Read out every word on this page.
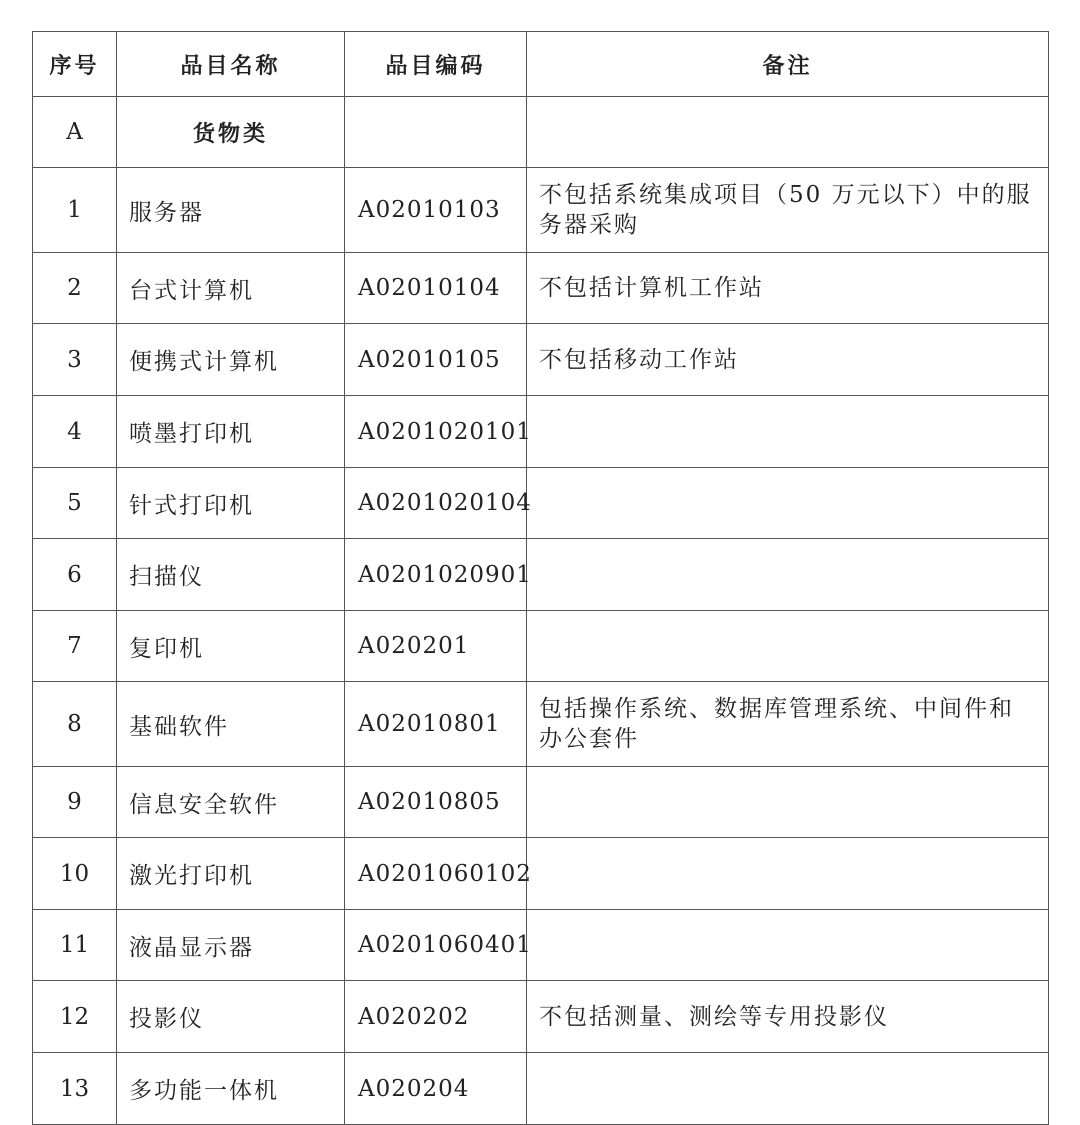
序号	品目名称	品目编码	备注
A	货物类		
1	服务器	A02010103	不包括系统集成项目（50 万元以下）中的服务器采购
2	台式计算机	A02010104	不包括计算机工作站
3	便携式计算机	A02010105	不包括移动工作站
4	喷墨打印机	A0201020101	
5	针式打印机	A0201020104	
6	扫描仪	A0201020901	
7	复印机	A020201	
8	基础软件	A02010801	包括操作系统、数据库管理系统、中间件和办公套件
9	信息安全软件	A02010805	
10	激光打印机	A0201060102	
11	液晶显示器	A0201060401	
12	投影仪	A020202	不包括测量、测绘等专用投影仪
13	多功能一体机	A020204	
